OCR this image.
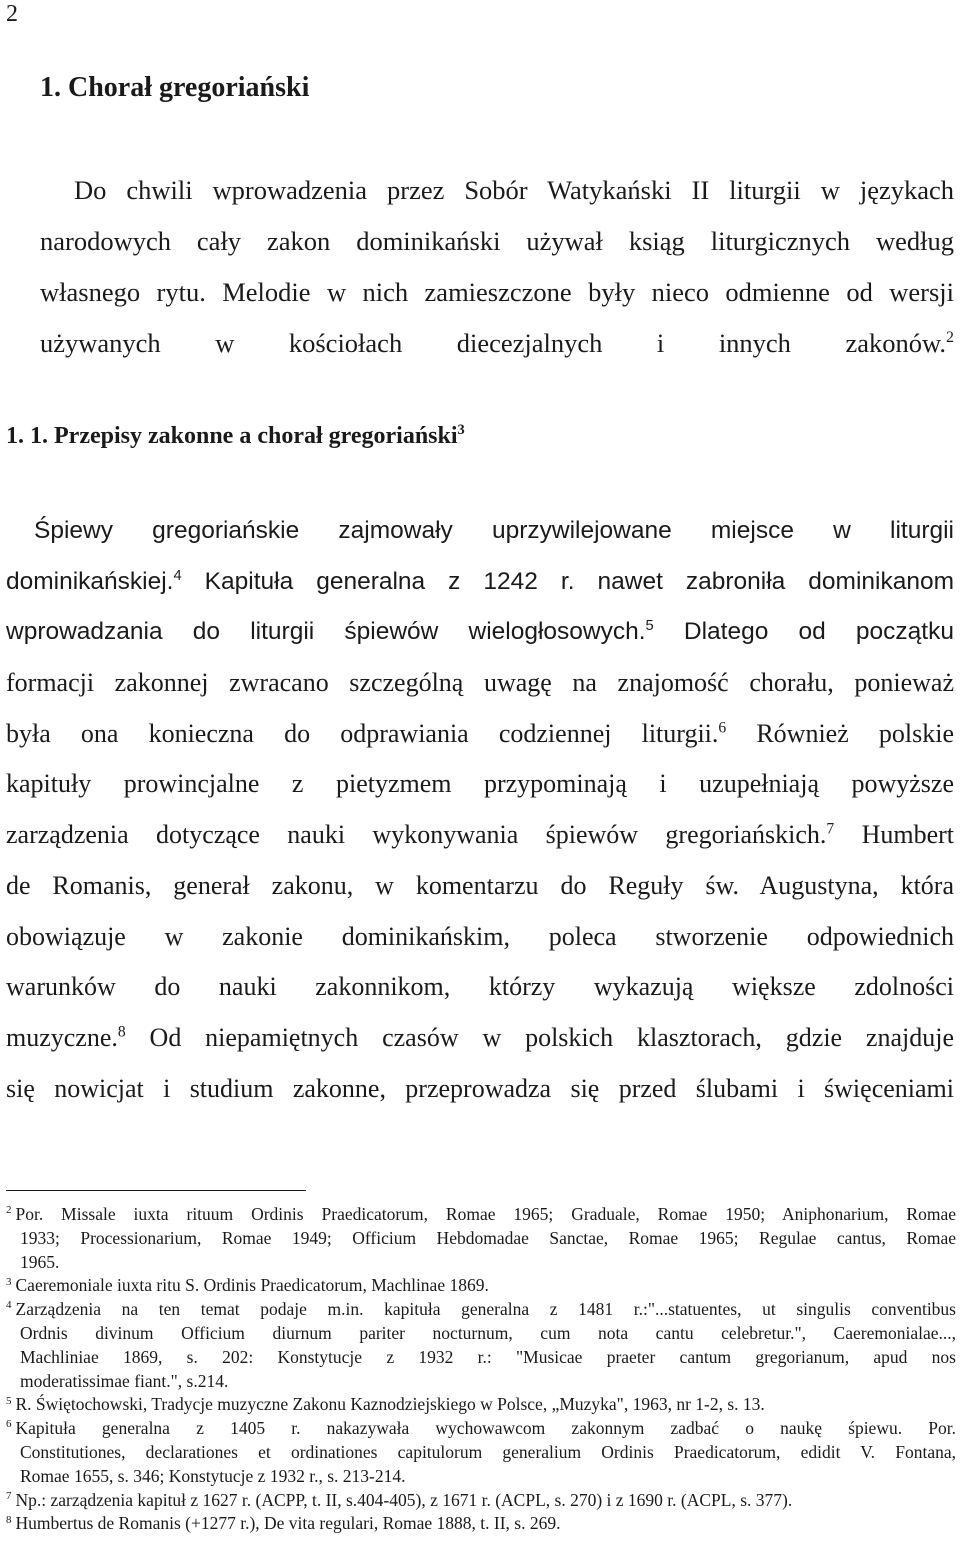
2
1. Chorał gregoriański
Do chwili wprowadzenia przez Sobór Watykański II liturgii w językach
narodowych cały zakon dominikański używał ksiąg liturgicznych według
własnego rytu. Melodie w nich zamieszczone były nieco odmienne od wersji
używanych w kościołach diecezjalnych i innych zakonów.$^2$
1. 1. Przepisy zakonne a chorał gregoriański$^3$
Śpiewy gregoriańskie zajmowały uprzywilejowane miejsce w liturgii
dominikańskiej.$^4$ Kapituła generalna z 1242 r. nawet zabroniła dominikanom
wprowadzania do liturgii śpiewów wielogłosowych.$^5$ Dlatego od początku
formacji zakonnej zwracano szczególną uwagę na znajomość chorału, ponieważ
była ona konieczna do odprawiania codziennej liturgii.$^6$ Również polskie
kapituły prowincjalne z pietyzmem przypominają i uzupełniają powyższe
zarządzenia dotyczące nauki wykonywania śpiewów gregoriańskich.$^7$ Humbert
de Romanis, generał zakonu, w komentarzu do Reguły św. Augustyna, która
obowiązuje w zakonie dominikańskim, poleca stworzenie odpowiednich
warunków do nauki zakonnikom, którzy wykazują większe zdolności
muzyczne.$^8$ Od niepamiętnych czasów w polskich klasztorach, gdzie znajduje
się nowicjat i studium zakonne, przeprowadza się przed ślubami i święceniami
$^2$ Por. Missale iuxta rituum Ordinis Praedicatorum, Romae 1965; Graduale, Romae 1950; Aniphonarium, Romae
1933; Processionarium, Romae 1949; Officium Hebdomadae Sanctae, Romae 1965; Regulae cantus, Romae
1965.
$^3$ Caeremoniale iuxta ritu S. Ordinis Praedicatorum, Machlinae 1869.
$^4$ Zarządzenia na ten temat podaje m.in. kapituła generalna z 1481 r.:"...statuentes, ut singulis conventibus
Ordnis divinum Officium diurnum pariter nocturnum, cum nota cantu celebretur.", Caeremonialae...,
Machliniae 1869, s. 202: Konstytucje z 1932 r.: "Musicae praeter cantum gregorianum, apud nos
moderatissimae fiant.", s.214.
$^5$ R. Świętochowski, Tradycje muzyczne Zakonu Kaznodziejskiego w Polsce, „Muzyka", 1963, nr 1-2, s. 13.
$^6$ Kapituła generalna z 1405 r. nakazywała wychowawcom zakonnym zadbać o naukę śpiewu. Por.
Constitutiones, declarationes et ordinationes capitulorum generalium Ordinis Praedicatorum, edidit V. Fontana,
Romae 1655, s. 346; Konstytucje z 1932 r., s. 213-214.
$^7$ Np.: zarządzenia kapituł z 1627 r. (ACPP, t. II, s.404-405), z 1671 r. (ACPL, s. 270) i z 1690 r. (ACPL, s. 377).
$^8$ Humbertus de Romanis (+1277 r.), De vita regulari, Romae 1888, t. II, s. 269.
